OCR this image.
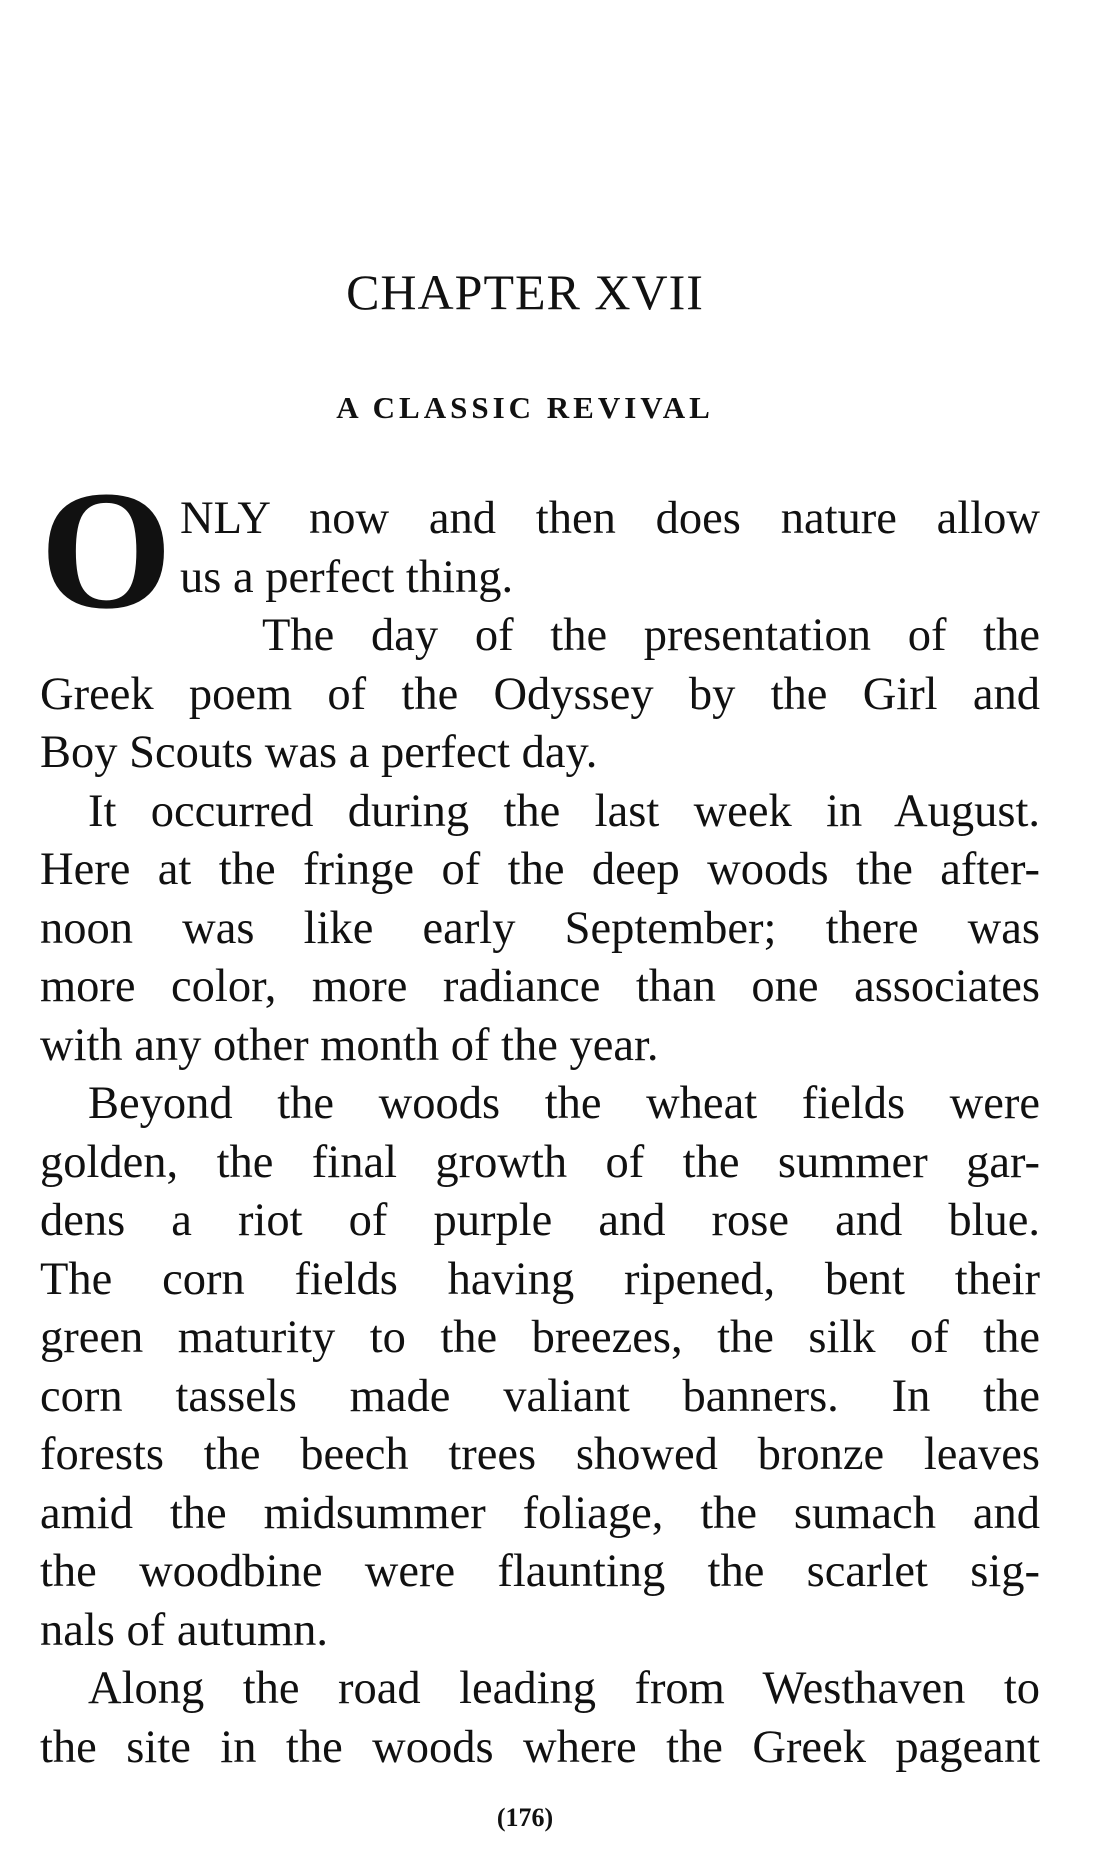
CHAPTER XVII
A CLASSIC REVIVAL
O NLY now and then does nature allow
us a perfect thing.
The day of the presentation of the
Greek poem of the Odyssey by the Girl and
Boy Scouts was a perfect day.
It occurred during the last week in August.
Here at the fringe of the deep woods the after-
noon was like early September; there was
more color, more radiance than one associates
with any other month of the year.
Beyond the woods the wheat fields were
golden, the final growth of the summer gar-
dens a riot of purple and rose and blue.
The corn fields having ripened, bent their
green maturity to the breezes, the silk of the
corn tassels made valiant banners. In the
forests the beech trees showed bronze leaves
amid the midsummer foliage, the sumach and
the woodbine were flaunting the scarlet sig-
nals of autumn.
Along the road leading from Westhaven to
the site in the woods where the Greek pageant
(176)
